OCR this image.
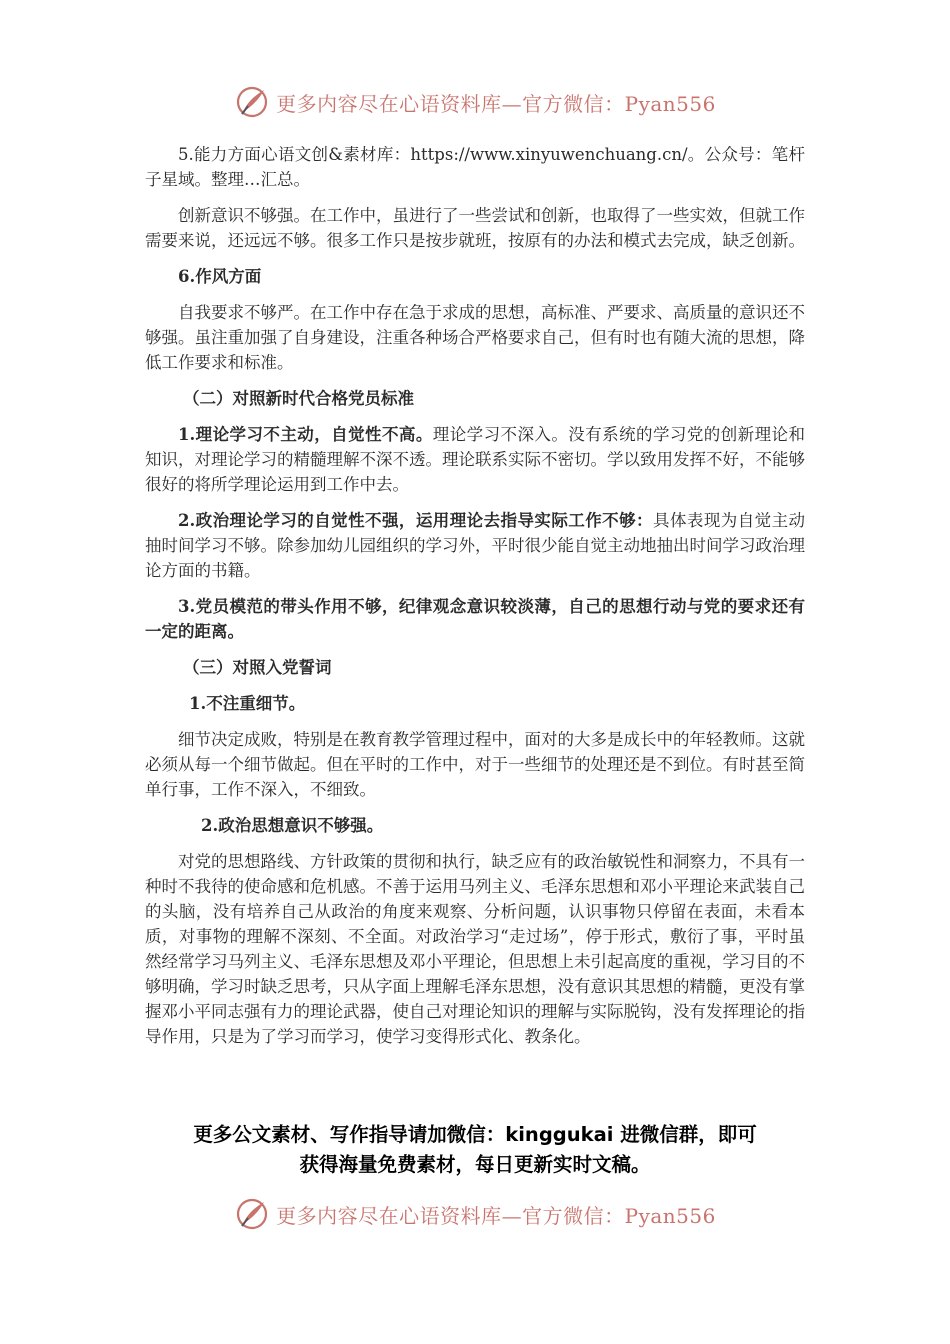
更多内容尽在心语资料库—官方微信：Pyan556

5.能力方面心语文创&素材库：https://www.xinyuwenchuang.cn/。公众号：笔杆子星域。整理…汇总。

创新意识不够强。在工作中，虽进行了一些尝试和创新，也取得了一些实效，但就工作需要来说，还远远不够。很多工作只是按步就班，按原有的办法和模式去完成，缺乏创新。

6.作风方面

自我要求不够严。在工作中存在急于求成的思想，高标准、严要求、高质量的意识还不够强。虽注重加强了自身建设，注重各种场合严格要求自己，但有时也有随大流的思想，降低工作要求和标准。

（二）对照新时代合格党员标准

1.理论学习不主动，自觉性不高。理论学习不深入。没有系统的学习党的创新理论和知识，对理论学习的精髓理解不深不透。理论联系实际不密切。学以致用发挥不好，不能够很好的将所学理论运用到工作中去。

2.政治理论学习的自觉性不强，运用理论去指导实际工作不够：具体表现为自觉主动抽时间学习不够。除参加幼儿园组织的学习外，平时很少能自觉主动地抽出时间学习政治理论方面的书籍。

3.党员模范的带头作用不够，纪律观念意识较淡薄，自己的思想行动与党的要求还有一定的距离。

（三）对照入党誓词

1.不注重细节。

细节决定成败，特别是在教育教学管理过程中，面对的大多是成长中的年轻教师。这就必须从每一个细节做起。但在平时的工作中，对于一些细节的处理还是不到位。有时甚至简单行事，工作不深入，不细致。

2.政治思想意识不够强。

对党的思想路线、方针政策的贯彻和执行，缺乏应有的政治敏锐性和洞察力，不具有一种时不我待的使命感和危机感。不善于运用马列主义、毛泽东思想和邓小平理论来武装自己的头脑，没有培养自己从政治的角度来观察、分析问题，认识事物只停留在表面，未看本质，对事物的理解不深刻、不全面。对政治学习“走过场”，停于形式，敷衍了事，平时虽然经常学习马列主义、毛泽东思想及邓小平理论，但思想上未引起高度的重视，学习目的不够明确，学习时缺乏思考，只从字面上理解毛泽东思想，没有意识其思想的精髓，更没有掌握邓小平同志强有力的理论武器，使自己对理论知识的理解与实际脱钩，没有发挥理论的指导作用，只是为了学习而学习，使学习变得形式化、教条化。

更多公文素材、写作指导请加微信：kinggukai 进微信群，即可
获得海量免费素材，每日更新实时文稿。
更多内容尽在心语资料库—官方微信：Pyan556
